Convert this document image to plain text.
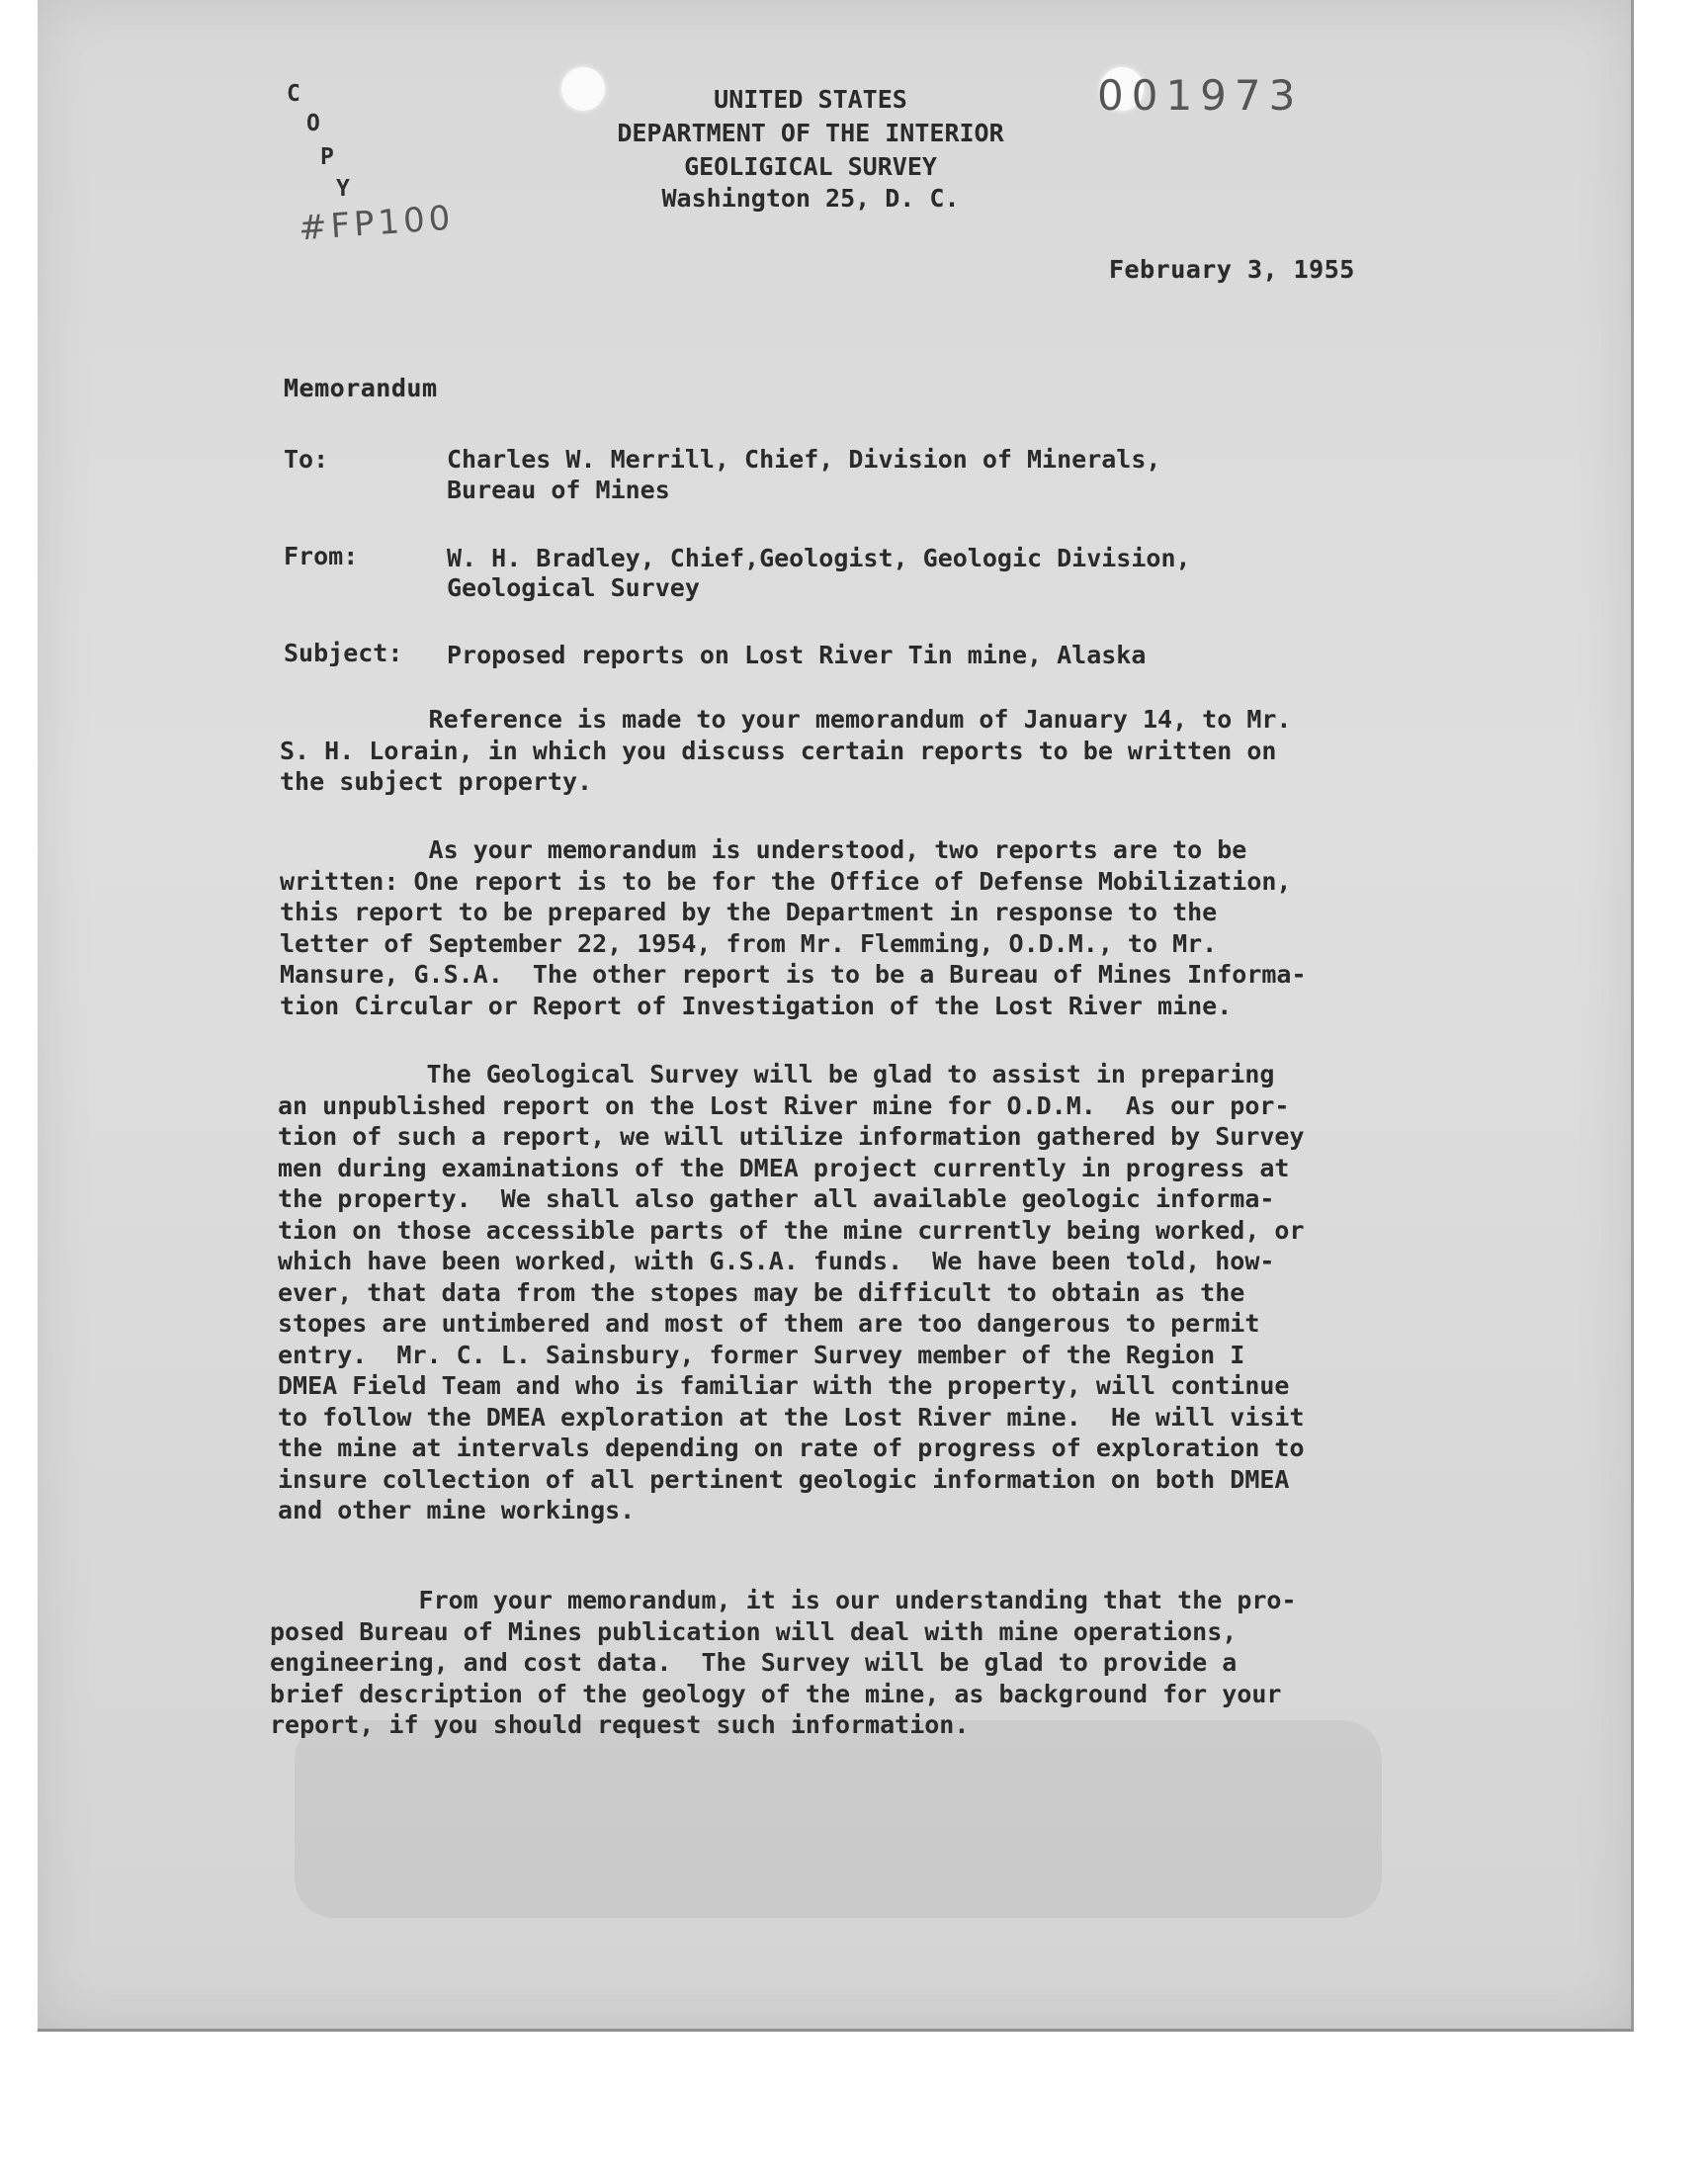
C
O
P
Y
#FP100
001973
UNITED STATES
DEPARTMENT OF THE INTERIOR
GEOLIGICAL SURVEY
Washington 25, D. C.
February 3, 1955
Memorandum
To:	Charles W. Merrill, Chief, Division of Minerals,
Bureau of Mines
From:	W. H. Bradley, Chief,Geologist, Geologic Division,
Geological Survey
Subject: Proposed reports on Lost River Tin mine, Alaska
Reference is made to your memorandum of January 14, to Mr.
S. H. Lorain, in which you discuss certain reports to be written on
the subject property.
As your memorandum is understood, two reports are to be
written: One report is to be for the Office of Defense Mobilization,
this report to be prepared by the Department in response to the
letter of September 22, 1954, from Mr. Flemming, O.D.M., to Mr.
Mansure, G.S.A.  The other report is to be a Bureau of Mines Informa-
tion Circular or Report of Investigation of the Lost River mine.
The Geological Survey will be glad to assist in preparing
an unpublished report on the Lost River mine for O.D.M.  As our por-
tion of such a report, we will utilize information gathered by Survey
men during examinations of the DMEA project currently in progress at
the property.  We shall also gather all available geologic informa-
tion on those accessible parts of the mine currently being worked, or
which have been worked, with G.S.A. funds.  We have been told, how-
ever, that data from the stopes may be difficult to obtain as the
stopes are untimbered and most of them are too dangerous to permit
entry.  Mr. C. L. Sainsbury, former Survey member of the Region I
DMEA Field Team and who is familiar with the property, will continue
to follow the DMEA exploration at the Lost River mine.  He will visit
the mine at intervals depending on rate of progress of exploration to
insure collection of all pertinent geologic information on both DMEA
and other mine workings.
From your memorandum, it is our understanding that the pro-
posed Bureau of Mines publication will deal with mine operations,
engineering, and cost data.  The Survey will be glad to provide a
brief description of the geology of the mine, as background for your
report, if you should request such information.
